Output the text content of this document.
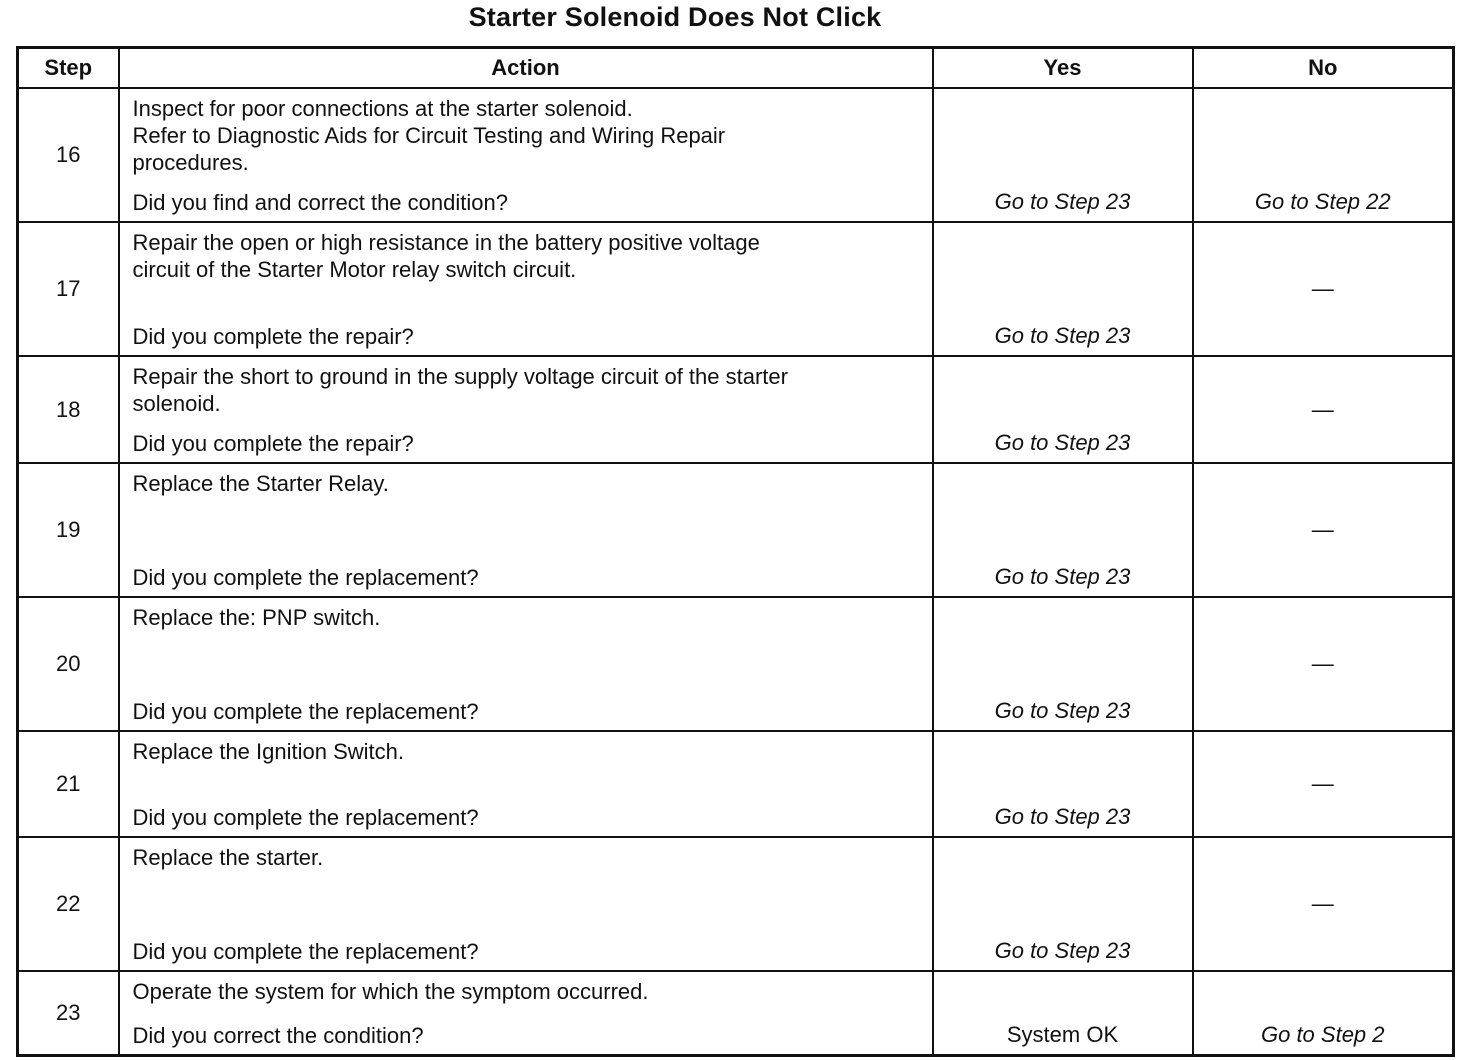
Starter Solenoid Does Not Click
Step	Action	Yes	No
16	Inspect for poor connections at the starter solenoid.
Refer to Diagnostic Aids for Circuit Testing and Wiring Repair
procedures.
Did you find and correct the condition?	Go to Step 23	Go to Step 22
17	Repair the open or high resistance in the battery positive voltage
circuit of the Starter Motor relay switch circuit.
Did you complete the repair?	Go to Step 23	—
18	Repair the short to ground in the supply voltage circuit of the starter
solenoid.
Did you complete the repair?	Go to Step 23	—
19	Replace the Starter Relay.
Did you complete the replacement?	Go to Step 23	—
20	Replace the: PNP switch.
Did you complete the replacement?	Go to Step 23	—
21	Replace the Ignition Switch.
Did you complete the replacement?	Go to Step 23	—
22	Replace the starter.
Did you complete the replacement?	Go to Step 23	—
23	Operate the system for which the symptom occurred.
Did you correct the condition?	System OK	Go to Step 2
